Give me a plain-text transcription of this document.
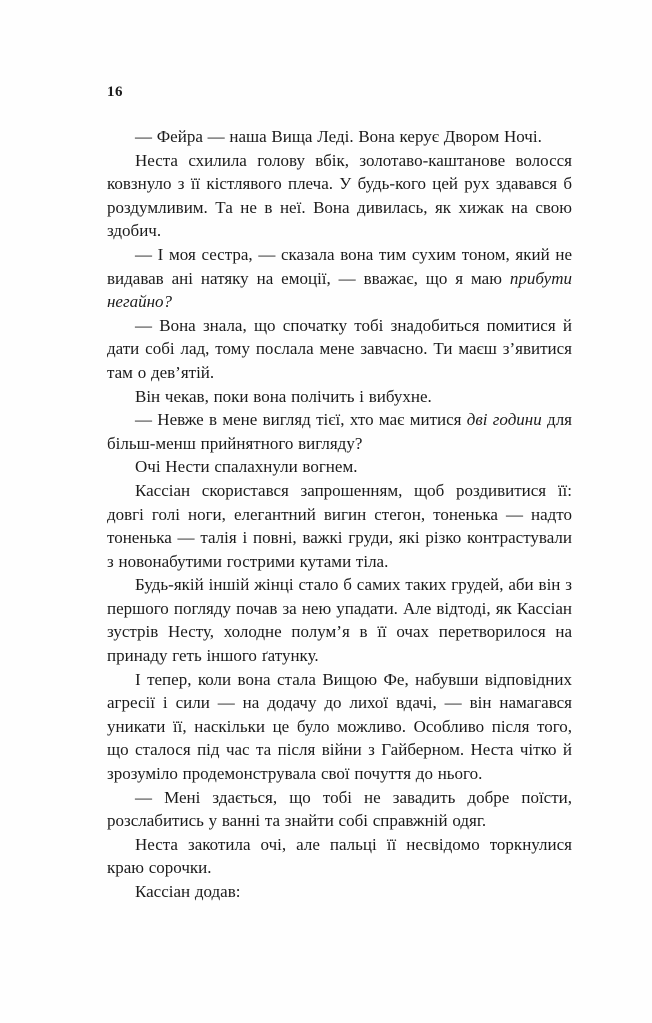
16

— Фейра — наша Вища Леді. Вона керує Двором Ночі.

Неста схилила голову вбік, золотаво-каштанове волосся ковзнуло з її кістлявого плеча. У будь-кого цей рух здавався б роздумливим. Та не в неї. Вона дивилась, як хижак на свою здобич.

— І моя сестра, — сказала вона тим сухим тоном, який не видавав ані натяку на емоції, — вважає, що я маю прибути негайно?

— Вона знала, що спочатку тобі знадобиться помитися й дати собі лад, тому послала мене завчасно. Ти маєш з’явитися там о дев’ятій.

Він чекав, поки вона полічить і вибухне.

— Невже в мене вигляд тієї, хто має митися дві години для більш-менш прийнятного вигляду?

Очі Нести спалахнули вогнем.

Кассіан скористався запрошенням, щоб роздивитися її: довгі голі ноги, елегантний вигин стегон, тоненька — надто тоненька — талія і повні, важкі груди, які різко контрастували з новонабутими гострими кутами тіла.

Будь-якій іншій жінці стало б самих таких грудей, аби він з першого погляду почав за нею упадати. Але відтоді, як Кассіан зустрів Несту, холодне полум’я в її очах перетворилося на принаду геть іншого ґатунку.

І тепер, коли вона стала Вищою Фе, набувши відповідних агресії і сили — на додачу до лихої вдачі, — він намагався уникати її, наскільки це було можливо. Особливо після того, що сталося під час та після війни з Гайберном. Неста чітко й зрозуміло продемонструвала свої почуття до нього.

— Мені здається, що тобі не завадить добре поїсти, розслабитись у ванні та знайти собі справжній одяг.

Неста закотила очі, але пальці її несвідомо торкнулися краю сорочки.

Кассіан додав:
